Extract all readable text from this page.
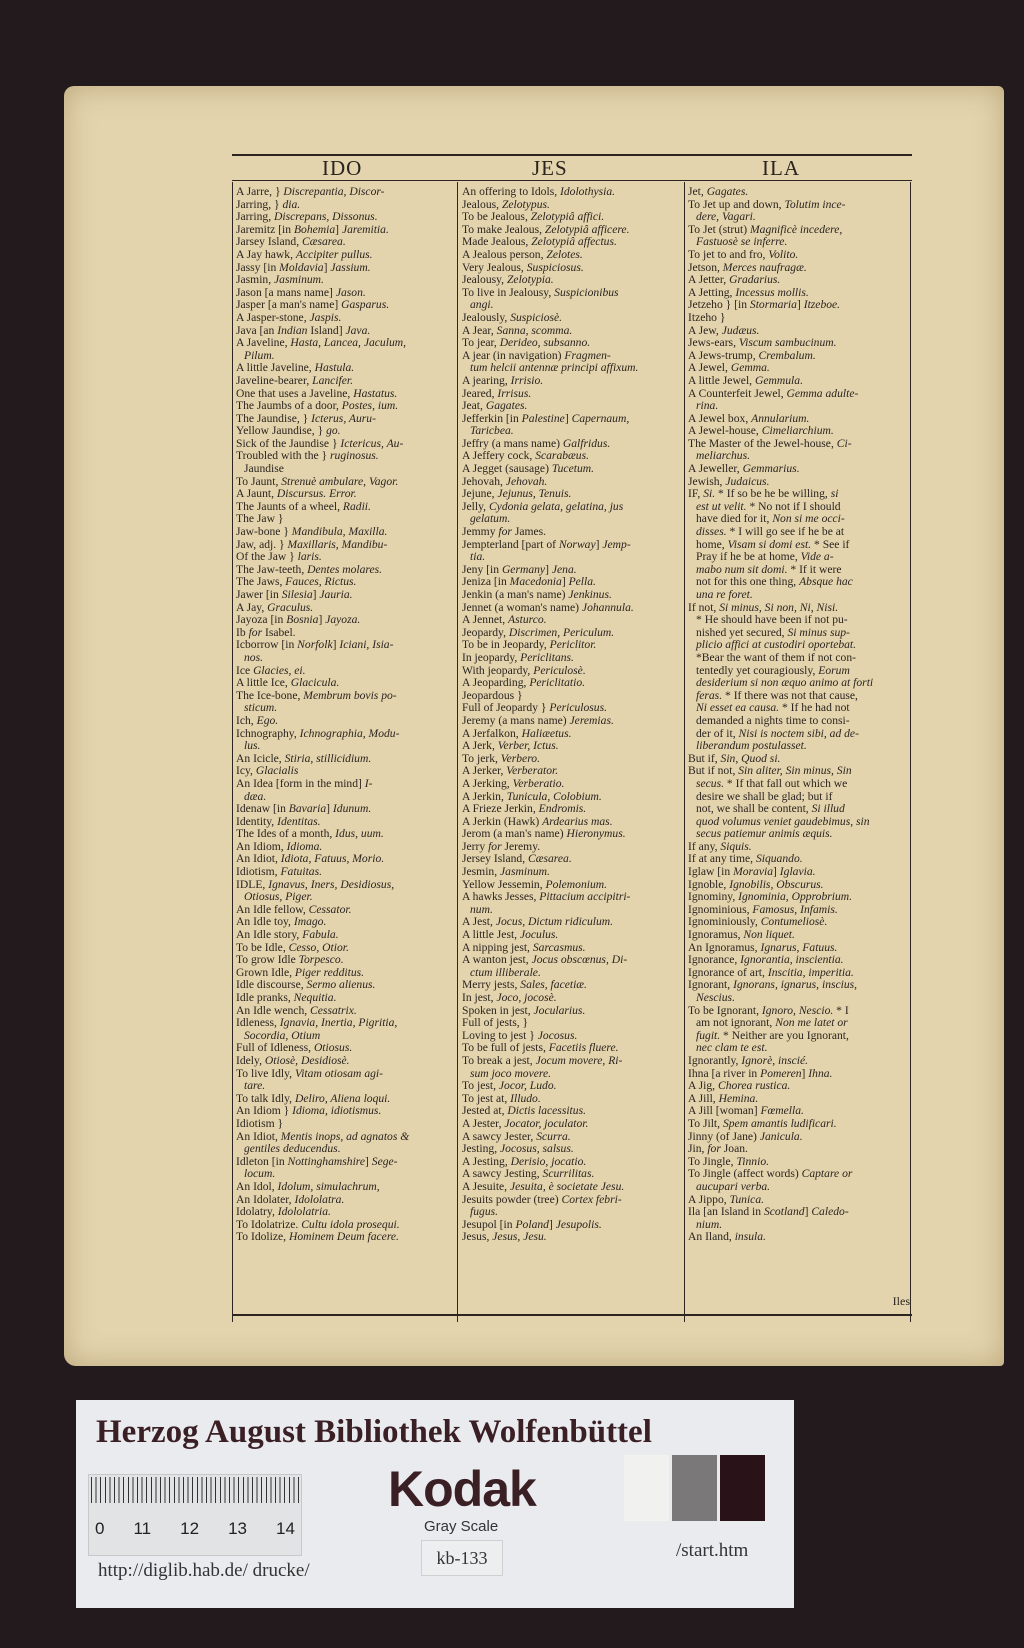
IDO	JES	ILA
A Jarre, } Discrepantia, Discor-
Jarring, } dia.
Jarring, Discrepans, Dissonus.
Jaremitz [in Bohemia] Jaremitia.
Jarsey Island, Cæsarea.
A Jay hawk, Accipiter pullus.
Jassy [in Moldavia] Jassium.
Jasmin, Jasminum.
Jason [a mans name] Jason.
Jasper [a man's name] Gasparus.
A Jasper-stone, Jaspis.
Java [an Indian Island] Java.
A Javeline, Hasta, Lancea, Jaculum,
Pilum.
A little Javeline, Hastula.
Javeline-bearer, Lancifer.
One that uses a Javeline, Hastatus.
The Jaumbs of a door, Postes, ium.
The Jaundise, } Icterus, Auru-
Yellow Jaundise, } go.
Sick of the Jaundise } Ictericus, Au-
Troubled with the } ruginosus.
Jaundise
To Jaunt, Strenuè ambulare, Vagor.
A Jaunt, Discursus. Error.
The Jaunts of a wheel, Radii.
The Jaw }
Jaw-bone } Mandibula, Maxilla.
Jaw, adj. } Maxillaris, Mandibu-
Of the Jaw } laris.
The Jaw-teeth, Dentes molares.
The Jaws, Fauces, Rictus.
Jawer [in Silesia] Jauria.
A Jay, Graculus.
Jayoza [in Bosnia] Jayoza.
Ib for Isabel.
Icborrow [in Norfolk] Iciani, Isia-
nos.
Ice Glacies, ei.
A little Ice, Glacicula.
The Ice-bone, Membrum bovis po-
sticum.
Ich, Ego.
Ichnography, Ichnographia, Modu-
lus.
An Icicle, Stiria, stillicidium.
Icy, Glacialis
An Idea [form in the mind] I-
dæa.
Idenaw [in Bavaria] Idunum.
Identity, Identitas.
The Ides of a month, Idus, uum.
An Idiom, Idioma.
An Idiot, Idiota, Fatuus, Morio.
Idiotism, Fatuitas.
IDLE, Ignavus, Iners, Desidiosus,
Otiosus, Piger.
An Idle fellow, Cessator.
An Idle toy, Imago.
An Idle story, Fabula.
To be Idle, Cesso, Otior.
To grow Idle Torpesco.
Grown Idle, Piger redditus.
Idle discourse, Sermo alienus.
Idle pranks, Nequitia.
An Idle wench, Cessatrix.
Idleness, Ignavia, Inertia, Pigritia,
Socordia, Otium
Full of Idleness, Otiosus.
Idely, Otiosè, Desidiosè.
To live Idly, Vitam otiosam agi-
tare.
To talk Idly, Deliro, Aliena loqui.
An Idiom } Idioma, idiotismus.
Idiotism }
An Idiot, Mentis inops, ad agnatos &
gentiles deducendus.
Idleton [in Nottinghamshire] Sege-
locum.
An Idol, Idolum, simulachrum,
An Idolater, Idololatra.
Idolatry, Idololatria.
To Idolatrize. Cultu idola prosequi.
To Idolize, Hominem Deum facere.
An offering to Idols, Idolothysia.
Jealous, Zelotypus.
To be Jealous, Zelotypiâ affici.
To make Jealous, Zelotypiâ afficere.
Made Jealous, Zelotypiâ affectus.
A Jealous person, Zelotes.
Very Jealous, Suspiciosus.
Jealousy, Zelotypia.
To live in Jealousy, Suspicionibus
angi.
Jealously, Suspiciosè.
A Jear, Sanna, scomma.
To jear, Derideo, subsanno.
A jear (in navigation) Fragmen-
tum helcii antennæ principi affixum.
A jearing, Irrisio.
Jeared, Irrisus.
Jeat, Gagates.
Jefferkin [in Palestine] Capernaum,
Taricbea.
Jeffry (a mans name) Galfridus.
A Jeffery cock, Scarabæus.
A Jegget (sausage) Tucetum.
Jehovah, Jehovah.
Jejune, Jejunus, Tenuis.
Jelly, Cydonia gelata, gelatina, jus
gelatum.
Jemmy for James.
Jempterland [part of Norway] Jemp-
tia.
Jeny [in Germany] Jena.
Jeniza [in Macedonia] Pella.
Jenkin (a man's name) Jenkinus.
Jennet (a woman's name) Johannula.
A Jennet, Asturco.
Jeopardy, Discrimen, Periculum.
To be in Jeopardy, Periclitor.
In jeopardy, Periclitans.
With jeopardy, Periculosè.
A Jeoparding, Periclitatio.
Jeopardous }
Full of Jeopardy } Periculosus.
Jeremy (a mans name) Jeremias.
A Jerfalkon, Haliæetus.
A Jerk, Verber, Ictus.
To jerk, Verbero.
A Jerker, Verberator.
A Jerking, Verberatio.
A Jerkin, Tunicula, Colobium.
A Frieze Jerkin, Endromis.
A Jerkin (Hawk) Ardearius mas.
Jerom (a man's name) Hieronymus.
Jerry for Jeremy.
Jersey Island, Cæsarea.
Jesmin, Jasminum.
Yellow Jessemin, Polemonium.
A hawks Jesses, Pittacium accipitri-
num.
A Jest, Jocus, Dictum ridiculum.
A little Jest, Joculus.
A nipping jest, Sarcasmus.
A wanton jest, Jocus obscœnus, Di-
ctum illiberale.
Merry jests, Sales, facetiæ.
In jest, Joco, jocosè.
Spoken in jest, Jocularius.
Full of jests, }
Loving to jest } Jocosus.
To be full of jests, Facetiis fluere.
To break a jest, Jocum movere, Ri-
sum joco movere.
To jest, Jocor, Ludo.
To jest at, Illudo.
Jested at, Dictis lacessitus.
A Jester, Jocator, joculator.
A sawcy Jester, Scurra.
Jesting, Jocosus, salsus.
A Jesting, Derisio, jocatio.
A sawcy Jesting, Scurrilitas.
A Jesuite, Jesuita, è societate Jesu.
Jesuits powder (tree) Cortex febri-
fugus.
Jesupol [in Poland] Jesupolis.
Jesus, Jesus, Jesu.
Jet, Gagates.
To Jet up and down, Tolutim ince-
dere, Vagari.
To Jet (strut) Magnificè incedere,
Fastuosè se inferre.
To jet to and fro, Volito.
Jetson, Merces naufragæ.
A Jetter, Gradarius.
A Jetting, Incessus mollis.
Jetzeho } [in Stormaria] Itzeboe.
Itzeho }
A Jew, Judæus.
Jews-ears, Viscum sambucinum.
A Jews-trump, Crembalum.
A Jewel, Gemma.
A little Jewel, Gemmula.
A Counterfeit Jewel, Gemma adulte-
rina.
A Jewel box, Annularium.
A Jewel-house, Cimeliarchium.
The Master of the Jewel-house, Ci-
meliarchus.
A Jeweller, Gemmarius.
Jewish, Judaicus.
IF, Si. * If so be he be willing, si
est ut velit. * No not if I should
have died for it, Non si me occi-
disses. * I will go see if he be at
home, Visam si domi est. * See if
Pray if he be at home, Vide a-
mabo num sit domi. * If it were
not for this one thing, Absque hac
una re foret.
If not, Si minus, Si non, Ni, Nisi.
* He should have been if not pu-
nished yet secured, Si minus sup-
plicio affici at custodiri oportebat.
*Bear the want of them if not con-
tentedly yet couragiously, Eorum
desiderium si non æquo animo at forti
feras. * If there was not that cause,
Ni esset ea causa. * If he had not
demanded a nights time to consi-
der of it, Nisi is noctem sibi, ad de-
liberandum postulasset.
But if, Sin, Quod si.
But if not, Sin aliter, Sin minus, Sin
secus. * If that fall out which we
desire we shall be glad; but if
not, we shall be content, Si illud
quod volumus veniet gaudebimus, sin
secus patiemur animis æquis.
If any, Siquis.
If at any time, Siquando.
Iglaw [in Moravia] Iglavia.
Ignoble, Ignobilis, Obscurus.
Ignominy, Ignominia, Opprobrium.
Ignominious, Famosus, Infamis.
Ignominiously, Contumeliosè.
Ignoramus, Non liquet.
An Ignoramus, Ignarus, Fatuus.
Ignorance, Ignorantia, inscientia.
Ignorance of art, Inscitia, imperitia.
Ignorant, Ignorans, ignarus, inscius,
Nescius.
To be Ignorant, Ignoro, Nescio. * I
am not ignorant, Non me latet or
fugit. * Neither are you Ignorant,
nec clam te est.
Ignorantly, Ignorè, inscié.
Ihna [a river in Pomeren] Ihna.
A Jig, Chorea rustica.
A Jill, Hemina.
A Jill [woman] Fœmella.
To Jilt, Spem amantis ludificari.
Jinny (of Jane) Janicula.
Jin, for Joan.
To Jingle, Tinnio.
To Jingle (affect words) Captare or
aucupari verba.
A Jippo, Tunica.
Ila [an Island in Scotland] Caledo-
nium.
An Iland, insula.
Iles
Herzog August Bibliothek Wolfenbüttel
0 11 12 13 14
Kodak
Gray Scale
kb-133
http://diglib.hab.de/ drucke/
/start.htm
